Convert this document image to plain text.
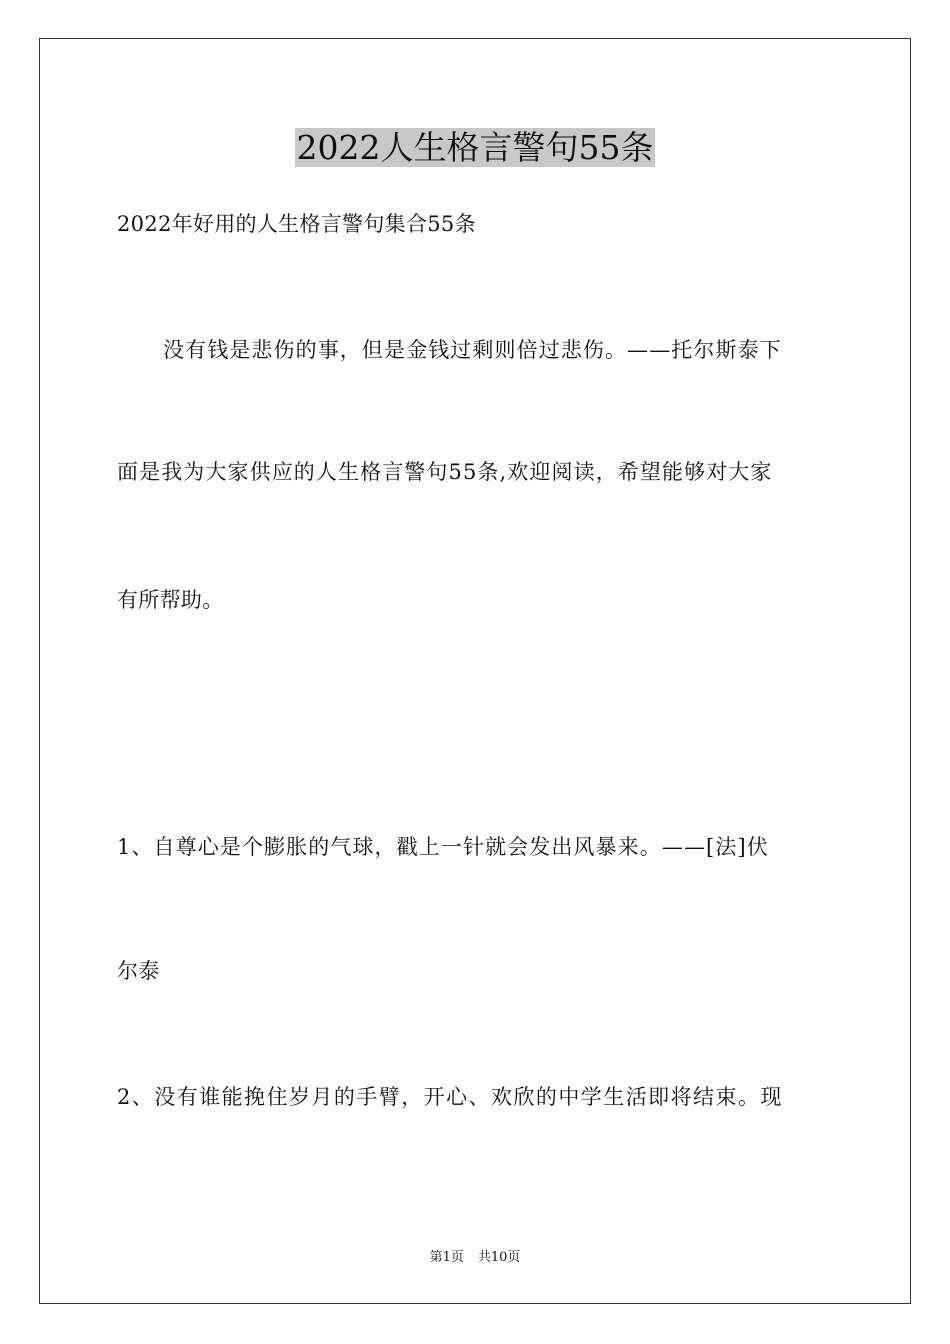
2022人生格言警句55条
2022年好用的人生格言警句集合55条
没有钱是悲伤的事，但是金钱过剩则倍过悲伤。——托尔斯泰下
面是我为大家供应的人生格言警句55条,欢迎阅读，希望能够对大家
有所帮助。
1、自尊心是个膨胀的气球，戳上一针就会发出风暴来。——[法]伏
尔泰
2、没有谁能挽住岁月的手臂，开心、欢欣的中学生活即将结束。现
第1页 共10页
